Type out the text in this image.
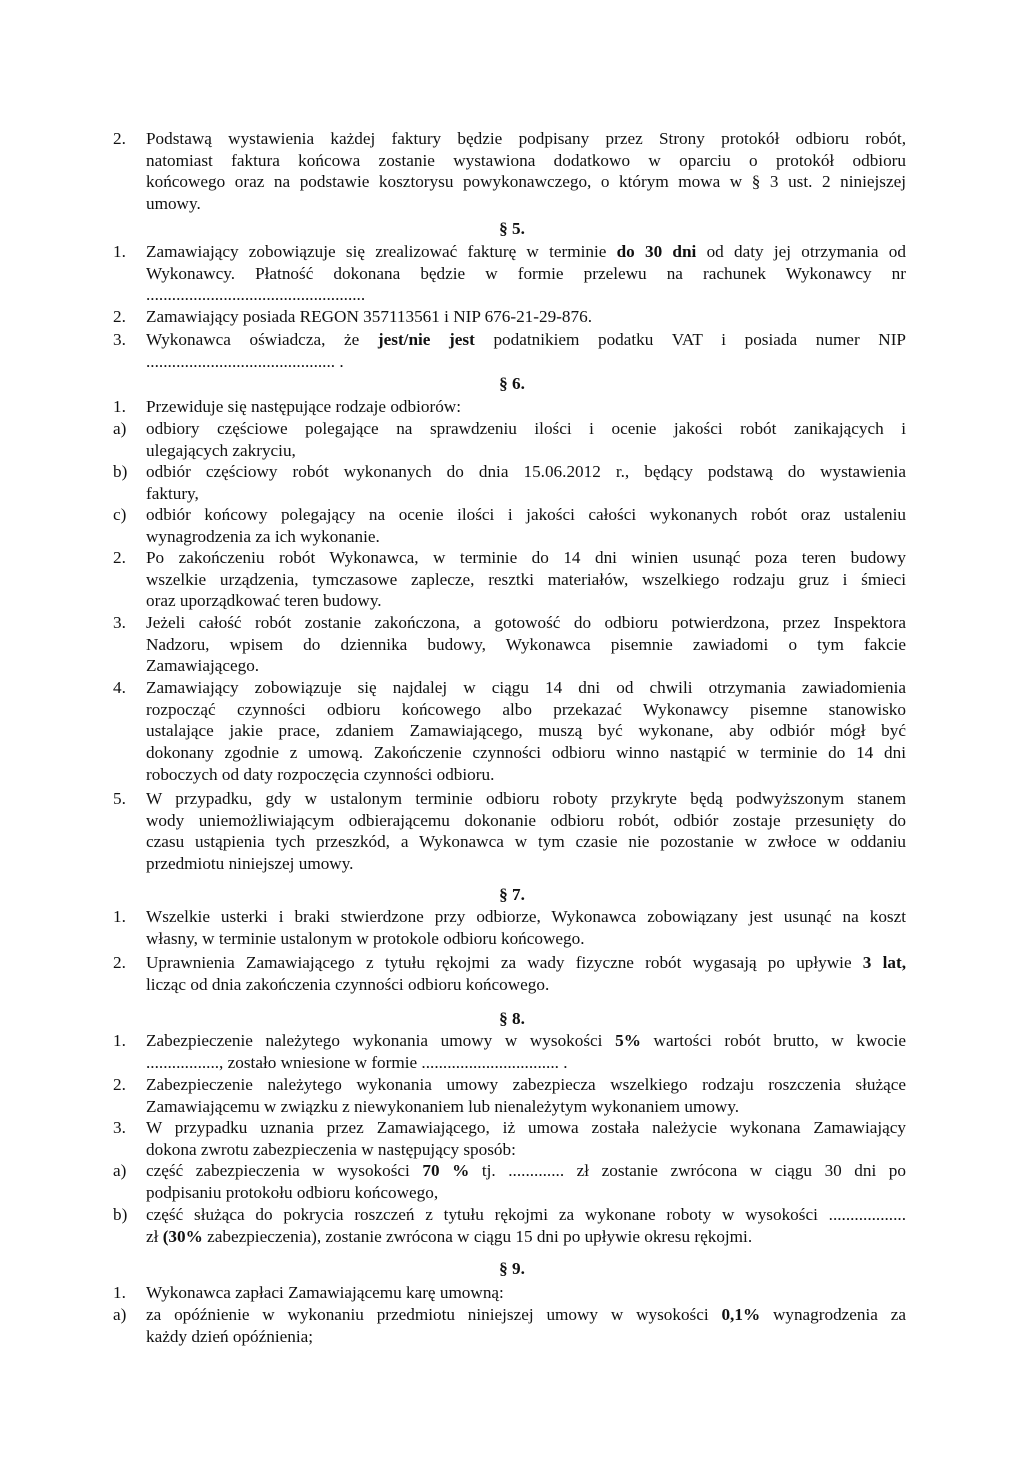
2. Podstawą wystawienia każdej faktury będzie podpisany przez Strony protokół odbioru robót,
natomiast faktura końcowa zostanie wystawiona dodatkowo w oparciu o protokół odbioru
końcowego oraz na podstawie kosztorysu powykonawczego, o którym mowa w § 3 ust. 2 niniejszej
umowy.
§ 5.
1. Zamawiający zobowiązuje się zrealizować fakturę w terminie do 30 dni od daty jej otrzymania od
Wykonawcy. Płatność dokonana będzie w formie przelewu na rachunek Wykonawcy nr
...................................................
2. Zamawiający posiada REGON 357113561 i NIP 676-21-29-876.
3. Wykonawca oświadcza, że jest/nie jest podatnikiem podatku VAT i posiada numer NIP
............................................ .
§ 6.
1. Przewiduje się następujące rodzaje odbiorów:
a) odbiory częściowe polegające na sprawdzeniu ilości i ocenie jakości robót zanikających i
ulegających zakryciu,
b) odbiór częściowy robót wykonanych do dnia 15.06.2012 r., będący podstawą do wystawienia
faktury,
c) odbiór końcowy polegający na ocenie ilości i jakości całości wykonanych robót oraz ustaleniu
wynagrodzenia za ich wykonanie.
2. Po zakończeniu robót Wykonawca, w terminie do 14 dni winien usunąć poza teren budowy
wszelkie urządzenia, tymczasowe zaplecze, resztki materiałów, wszelkiego rodzaju gruz i śmieci
oraz uporządkować teren budowy.
3. Jeżeli całość robót zostanie zakończona, a gotowość do odbioru potwierdzona, przez Inspektora
Nadzoru, wpisem do dziennika budowy, Wykonawca pisemnie zawiadomi o tym fakcie
Zamawiającego.
4. Zamawiający zobowiązuje się najdalej w ciągu 14 dni od chwili otrzymania zawiadomienia
rozpocząć czynności odbioru końcowego albo przekazać Wykonawcy pisemne stanowisko
ustalające jakie prace, zdaniem Zamawiającego, muszą być wykonane, aby odbiór mógł być
dokonany zgodnie z umową. Zakończenie czynności odbioru winno nastąpić w terminie do 14 dni
roboczych od daty rozpoczęcia czynności odbioru.
5. W przypadku, gdy w ustalonym terminie odbioru roboty przykryte będą podwyższonym stanem
wody uniemożliwiającym odbierającemu dokonanie odbioru robót, odbiór zostaje przesunięty do
czasu ustąpienia tych przeszkód, a Wykonawca w tym czasie nie pozostanie w zwłoce w oddaniu
przedmiotu niniejszej umowy.
§ 7.
1. Wszelkie usterki i braki stwierdzone przy odbiorze, Wykonawca zobowiązany jest usunąć na koszt
własny, w terminie ustalonym w protokole odbioru końcowego.
2. Uprawnienia Zamawiającego z tytułu rękojmi za wady fizyczne robót wygasają po upływie 3 lat,
licząc od dnia zakończenia czynności odbioru końcowego.
§ 8.
1. Zabezpieczenie należytego wykonania umowy w wysokości 5% wartości robót brutto, w kwocie
................., zostało wniesione w formie ................................ .
2. Zabezpieczenie należytego wykonania umowy zabezpiecza wszelkiego rodzaju roszczenia służące
Zamawiającemu w związku z niewykonaniem lub nienależytym wykonaniem umowy.
3. W przypadku uznania przez Zamawiającego, iż umowa została należycie wykonana Zamawiający
dokona zwrotu zabezpieczenia w następujący sposób:
a) część zabezpieczenia w wysokości 70 % tj. ............. zł zostanie zwrócona w ciągu 30 dni po
podpisaniu protokołu odbioru końcowego,
b) część służąca do pokrycia roszczeń z tytułu rękojmi za wykonane roboty w wysokości ..................
zł (30% zabezpieczenia), zostanie zwrócona w ciągu 15 dni po upływie okresu rękojmi.
§ 9.
1. Wykonawca zapłaci Zamawiającemu karę umowną:
a) za opóźnienie w wykonaniu przedmiotu niniejszej umowy w wysokości 0,1% wynagrodzenia za
każdy dzień opóźnienia;
